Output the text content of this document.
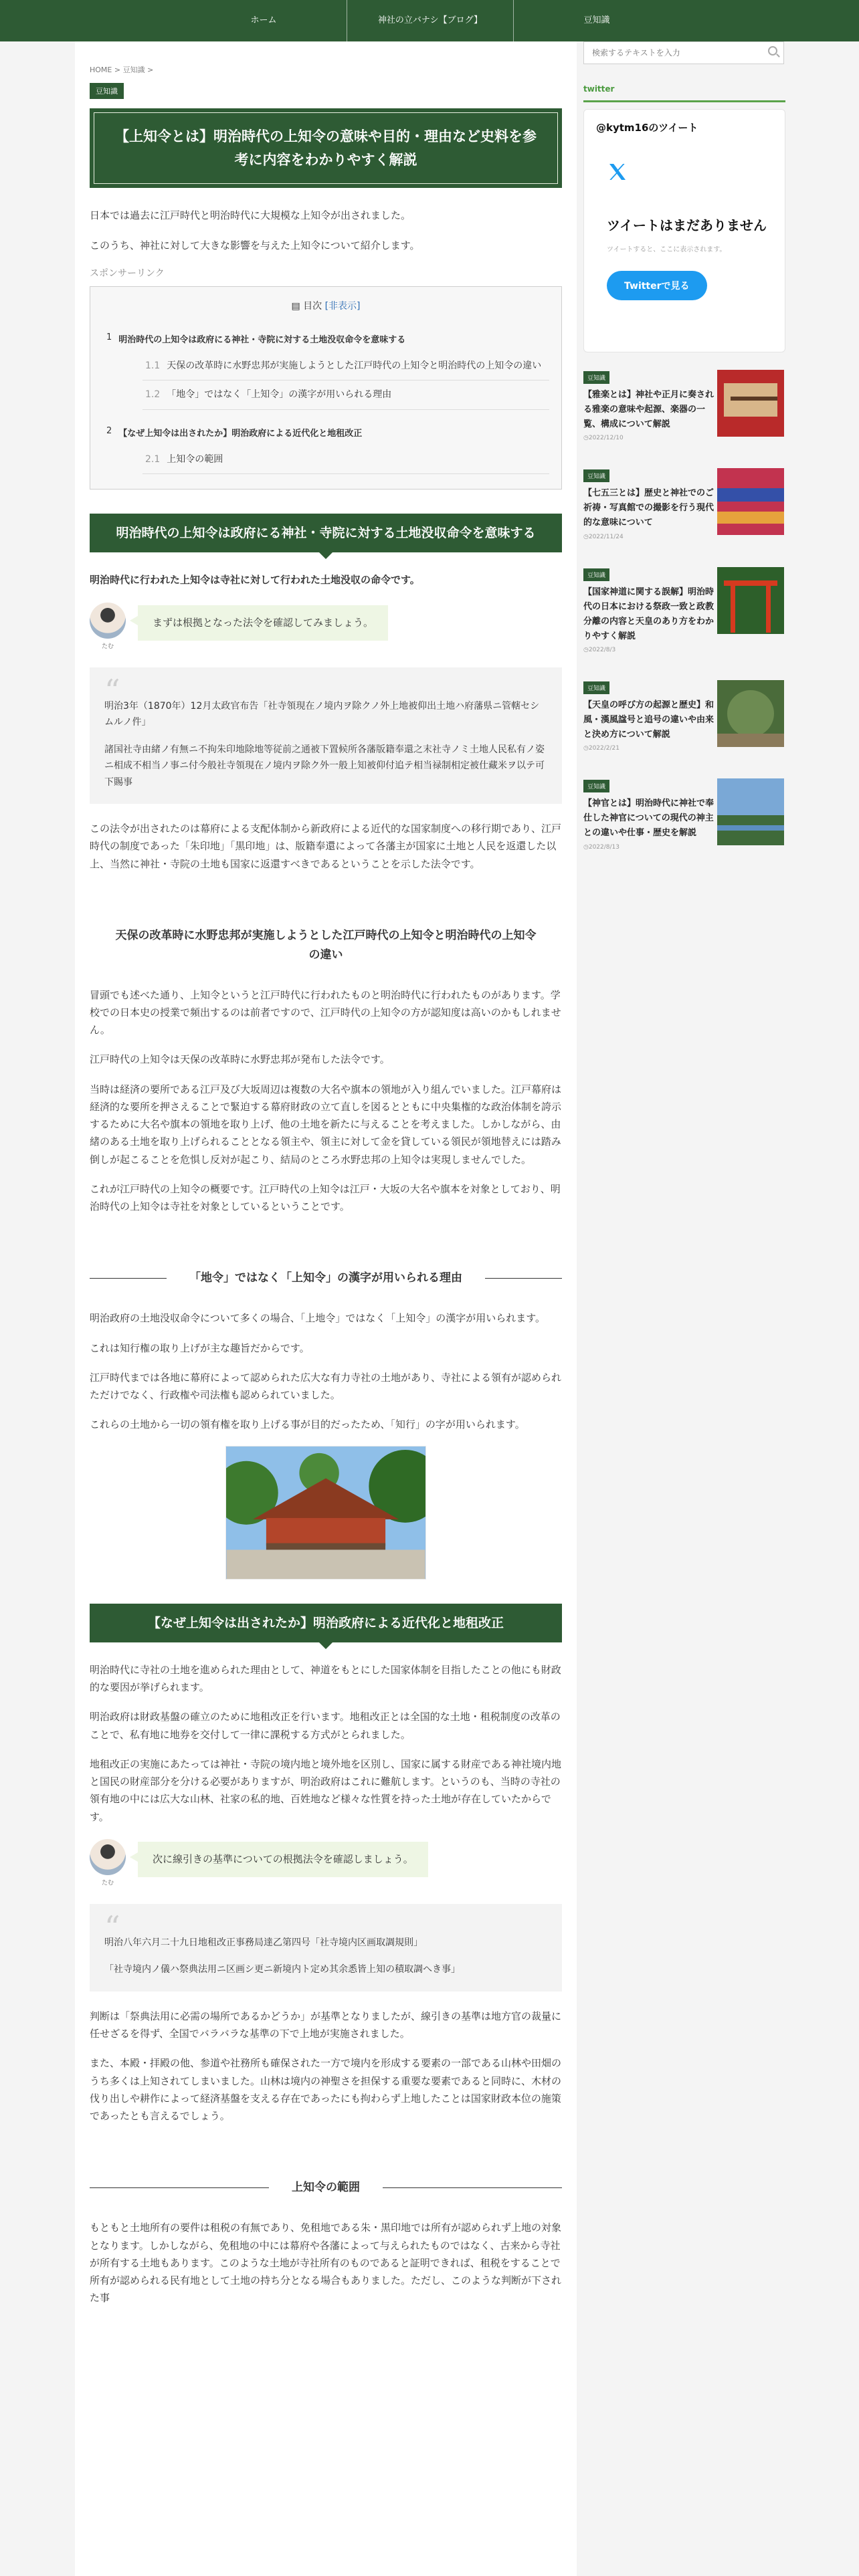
ホーム	神社の立バナシ【ブログ】	豆知識
HOME > 豆知識 >
豆知識
【上知令とは】明治時代の上知令の意味や目的・理由など史料を参考に内容をわかりやすく解説

日本では過去に江戸時代と明治時代に大規模な上知令が出されました。

このうち、神社に対して大きな影響を与えた上知令について紹介します。

スポンサーリンク
▤ 目次 [非表示]
1 明治時代の上知令は政府にる神社・寺院に対する土地没収命令を意味する
1.1 天保の改革時に水野忠邦が実施しようとした江戸時代の上知令と明治時代の上知令の違い
1.2 「地令」ではなく「上知令」の漢字が用いられる理由
2 【なぜ上知令は出されたか】明治政府による近代化と地租改正
2.1 上知令の範囲
明治時代の上知令は政府にる神社・寺院に対する土地没収命令を意味する

明治時代に行われた上知令は寺社に対して行われた土地没収の命令です。

たむ
まずは根拠となった法令を確認してみましょう。
“

明治3年（1870年）12月太政官布告「社寺領現在ノ境内ヲ除クノ外上地被仰出土地ハ府藩県ニ管轄セシムルノ件」

諸国社寺由緒ノ有無ニ不拘朱印地除地等従前之通被下置候所各藩版籍奉還之末社寺ノミ土地人民私有ノ姿ニ相成不相当ノ事ニ付今般社寺領現在ノ境内ヲ除ク外一般上知被仰付追テ相当禄制相定被仕藏米ヲ以テ可下賜事

この法令が出されたのは幕府による支配体制から新政府による近代的な国家制度への移行期であり、江戸時代の制度であった「朱印地」「黒印地」は、版籍奉還によって各藩主が国家に土地と人民を返還した以上、当然に神社・寺院の土地も国家に返還すべきであるということを示した法令です。

天保の改革時に水野忠邦が実施しようとした江戸時代の上知令と明治時代の上知令の違い

冒頭でも述べた通り、上知令というと江戸時代に行われたものと明治時代に行われたものがあります。学校での日本史の授業で頻出するのは前者ですので、江戸時代の上知令の方が認知度は高いのかもしれません。

江戸時代の上知令は天保の改革時に水野忠邦が発布した法令です。

当時は経済の要所である江戸及び大坂周辺は複数の大名や旗本の領地が入り組んでいました。江戸幕府は経済的な要所を押さえることで緊迫する幕府財政の立て直しを図るとともに中央集権的な政治体制を誇示するために大名や旗本の領地を取り上げ、他の土地を新たに与えることを考えました。しかしながら、由緒のある土地を取り上げられることとなる領主や、領主に対して金を貸している領民が領地替えには踏み倒しが起こることを危惧し反対が起こり、結局のところ水野忠邦の上知令は実現しませんでした。

これが江戸時代の上知令の概要です。江戸時代の上知令は江戸・大坂の大名や旗本を対象としており、明治時代の上知令は寺社を対象としているということです。

「地令」ではなく「上知令」の漢字が用いられる理由

明治政府の土地没収命令について多くの場合、「上地令」ではなく「上知令」の漢字が用いられます。

これは知行権の取り上げが主な趣旨だからです。

江戸時代までは各地に幕府によって認められた広大な有力寺社の土地があり、寺社による領有が認められただけでなく、行政権や司法権も認められていました。

これらの土地から一切の領有権を取り上げる事が目的だったため、「知行」の字が用いられます。

【なぜ上知令は出されたか】明治政府による近代化と地租改正

明治時代に寺社の土地を進められた理由として、神道をもとにした国家体制を目指したことの他にも財政的な要因が挙げられます。

明治政府は財政基盤の確立のために地租改正を行います。地租改正とは全国的な土地・租税制度の改革のことで、私有地に地券を交付して一律に課税する方式がとられました。

地租改正の実施にあたっては神社・寺院の境内地と境外地を区別し、国家に属する財産である神社境内地と国民の財産部分を分ける必要がありますが、明治政府はこれに難航します。というのも、当時の寺社の領有地の中には広大な山林、社家の私的地、百姓地など様々な性質を持った土地が存在していたからです。

たむ
次に線引きの基準についての根拠法令を確認しましょう。
“

明治八年六月二十九日地租改正事務局達乙第四号「社寺境内区画取調規則」

「社寺境内ノ儀ハ祭典法用ニ区画シ更ニ新境内ト定め其余悉皆上知の積取調へき事」

判断は「祭典法用に必需の場所であるかどうか」が基準となりましたが、線引きの基準は地方官の裁量に任せざるを得ず、全国でバラバラな基準の下で上地が実施されました。

また、本殿・拝殿の他、参道や社務所も確保された一方で境内を形成する要素の一部である山林や田畑のうち多くは上知されてしまいました。山林は境内の神聖さを担保する重要な要素であると同時に、木材の伐り出しや耕作によって経済基盤を支える存在であったにも拘わらず上地したことは国家財政本位の施策であったとも言えるでしょう。

上知令の範囲

もともと土地所有の要件は租税の有無であり、免租地である朱・黒印地では所有が認められず上地の対象となります。しかしながら、免租地の中には幕府や各藩によって与えられたものではなく、古来から寺社が所有する土地もあります。このような土地が寺社所有のものであると証明できれば、租税をすることで所有が認められる民有地として土地の持ち分となる場合もありました。ただし、このような判断が下された事

検索するテキストを入力
twitter
@kytm16のツイート
ツイートはまだありません
ツイートすると、ここに表示されます。
Twitterで見る
豆知識
【雅楽とは】神社や正月に奏される雅楽の意味や起源、楽器の一覧、構成について解説
◷2022/12/10
豆知識
【七五三とは】歴史と神社でのご祈祷・写真館での撮影を行う現代的な意味について
◷2022/11/24
豆知識
【国家神道に関する誤解】明治時代の日本における祭政一致と政教分離の内容と天皇のあり方をわかりやすく解説
◷2022/8/3
豆知識
【天皇の呼び方の起源と歴史】和風・漢風諡号と追号の違いや由来と決め方について解説
◷2022/2/21
豆知識
【神官とは】明治時代に神社で奉仕した神官についての現代の神主との違いや仕事・歴史を解説
◷2022/8/13
